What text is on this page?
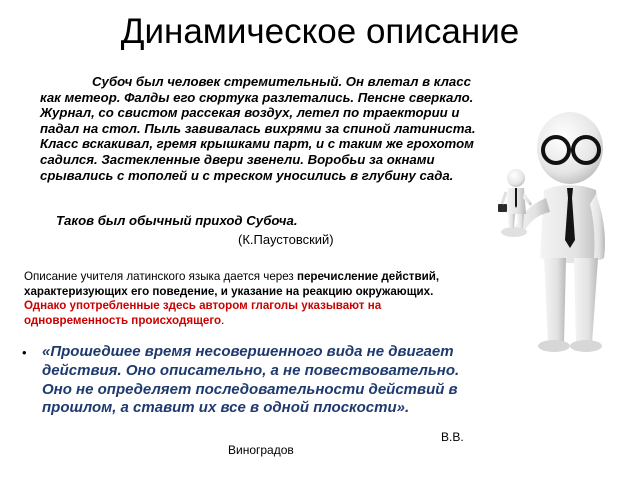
Динамическое описание

Субоч был человек стремительный. Он влетал в класс как метеор. Фалды его сюртука разлетались. Пенсне сверкало. Журнал, со свистом рассекая воздух, летел по траектории и падал на стол. Пыль завивалась вихрями за спиной латиниста. Класс вскакивал, гремя крышками парт, и с таким же грохотом садился. Застекленные двери звенели. Воробьи за окнами срывались с тополей и с треском уносились в глубину сада.

Таков был обычный приход Субоча.

(К.Паустовский)

Описание учителя латинского языка дается через перечисление действий, характеризующих его поведение, и указание на реакцию окружающих. Однако употребленные здесь автором глаголы указывают на одновременность происходящего.

•	«Прошедшее время несовершенного вида не двигает действия. Оно описательно, а не повествовательно. Оно не определяет последовательности действий в прошлом, а ставит их все в одной плоскости».

В.В.

Виноградов
